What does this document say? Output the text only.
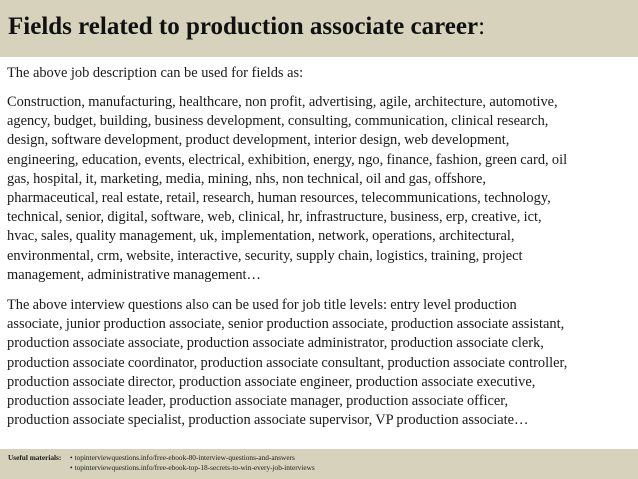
Fields related to production associate career:

The above job description can be used for fields as:

Construction, manufacturing, healthcare, non profit, advertising, agile, architecture, automotive,
agency, budget, building, business development, consulting, communication, clinical research,
design, software development, product development, interior design, web development,
engineering, education, events, electrical, exhibition, energy, ngo, finance, fashion, green card, oil
gas, hospital, it, marketing, media, mining, nhs, non technical, oil and gas, offshore,
pharmaceutical, real estate, retail, research, human resources, telecommunications, technology,
technical, senior, digital, software, web, clinical, hr, infrastructure, business, erp, creative, ict,
hvac, sales, quality management, uk, implementation, network, operations, architectural,
environmental, crm, website, interactive, security, supply chain, logistics, training, project
management, administrative management…

The above interview questions also can be used for job title levels: entry level production
associate, junior production associate, senior production associate, production associate assistant,
production associate associate, production associate administrator, production associate clerk,
production associate coordinator, production associate consultant, production associate controller,
production associate director, production associate engineer, production associate executive,
production associate leader, production associate manager, production associate officer,
production associate specialist, production associate supervisor, VP production associate…

Useful materials:	• topinterviewquestions.info/free-ebook-80-interview-questions-and-answers
• topinterviewquestions.info/free-ebook-top-18-secrets-to-win-every-job-interviews
